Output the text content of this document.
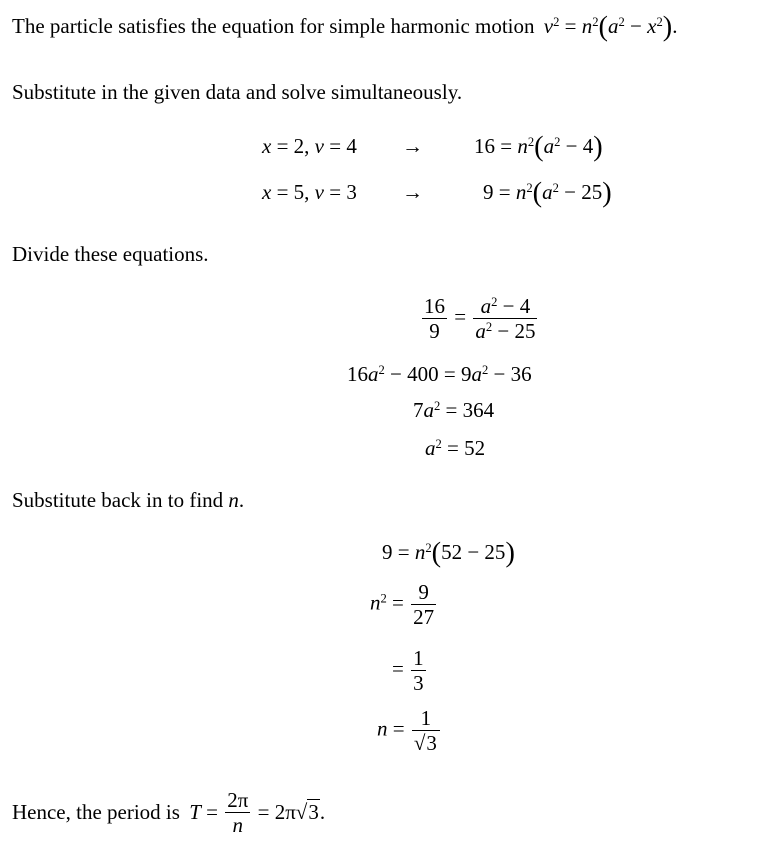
The particle satisfies the equation for simple harmonic motion $v^2 = n^2(a^2 - x^2)$.
Substitute in the given data and solve simultaneously.
x = 2, v = 4	→	$16 = n^2(a^2 - 4)$
x = 5, v = 3	→	$9 = n^2(a^2 - 25)$
Divide these equations.
$\frac{16}{9} = \frac{a^2 - 4}{a^2 - 25}$
$16a^2 - 400 = 9a^2 - 36$
$7a^2 = 364$
$a^2 = 52$
Substitute back in to find n.
$9 = n^2(52 - 25)$
$n^2 = \frac{9}{27}$
= $\frac{1}{3}$
$n = \frac{1}{√3}$
Hence, the period is $T = \frac{2\pi}{n} = 2\pi√3$.
